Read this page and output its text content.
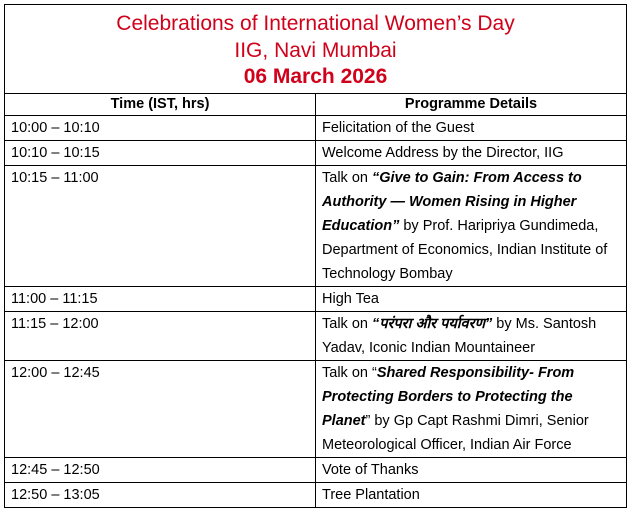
Celebrations of International Women’s Day
IIG, Navi Mumbai
06 March 2026	

Time (IST, hrs)	Programme Details
10:00 – 10:10	Felicitation of the Guest
10:10 – 10:15	Welcome Address by the Director, IIG
10:15 – 11:00	Talk on “Give to Gain: From Access to Authority — Women Rising in Higher Education” by Prof. Haripriya Gundimeda, Department of Economics, Indian Institute of Technology Bombay
11:00 – 11:15	High Tea
11:15 – 12:00	Talk on “परंपरा और पर्यावरण” by Ms. Santosh Yadav, Iconic Indian Mountaineer
12:00 – 12:45	Talk on “Shared Responsibility- From Protecting Borders to Protecting the Planet” by Gp Capt Rashmi Dimri, Senior Meteorological Officer, Indian Air Force
12:45 – 12:50	Vote of Thanks
12:50 – 13:05	Tree Plantation
